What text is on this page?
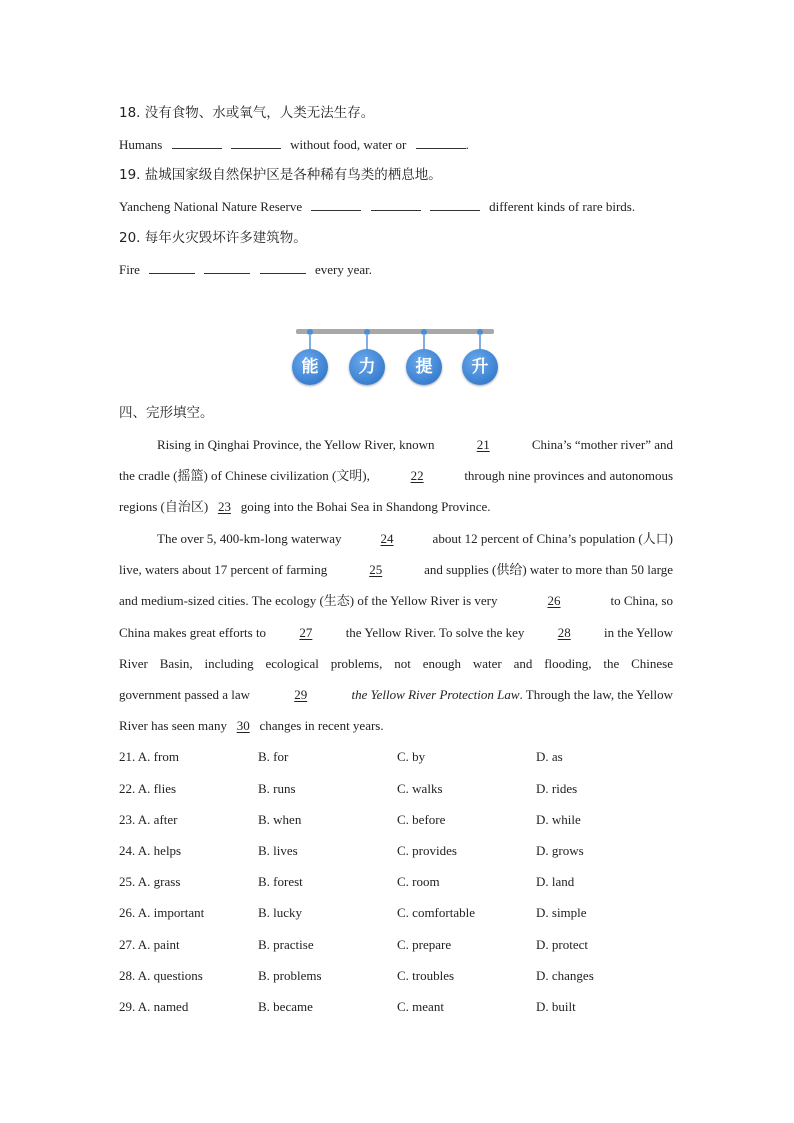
18. 没有食物、水或氧气，人类无法生存。
Humans	without food, water or	.
19. 盐城国家级自然保护区是各种稀有鸟类的栖息地。
Yancheng National Nature Reserve	different kinds of rare birds.
20. 每年火灾毁坏许多建筑物。
Fire	every year.
能	力	提	升
四、完形填空。
Rising in Qinghai Province, the Yellow River, known	21	China’s “mother river” and
the cradle (摇篮) of Chinese civilization (文明),	22	through nine provinces and autonomous
regions (自治区) 23 going into the Bohai Sea in Shandong Province.
The over 5, 400-km-long waterway	24	about 12 percent of China’s population (人口)
live, waters about 17 percent of farming	25	and supplies (供给) water to more than 50 large
and medium-sized cities. The ecology (生态) of the Yellow River is very	26	to China, so
China makes great efforts to	27	the Yellow River. To solve the key	28	in the Yellow
River Basin, including ecological problems, not enough water and flooding, the Chinese
government passed a law	29	the Yellow River Protection Law. Through the law, the Yellow
River has seen many 30 changes in recent years.
21. A. from	B. for	C. by	D. as
22. A. flies	B. runs	C. walks	D. rides
23. A. after	B. when	C. before	D. while
24. A. helps	B. lives	C. provides	D. grows
25. A. grass	B. forest	C. room	D. land
26. A. important	B. lucky	C. comfortable	D. simple
27. A. paint	B. practise	C. prepare	D. protect
28. A. questions	B. problems	C. troubles	D. changes
29. A. named	B. became	C. meant	D. built
